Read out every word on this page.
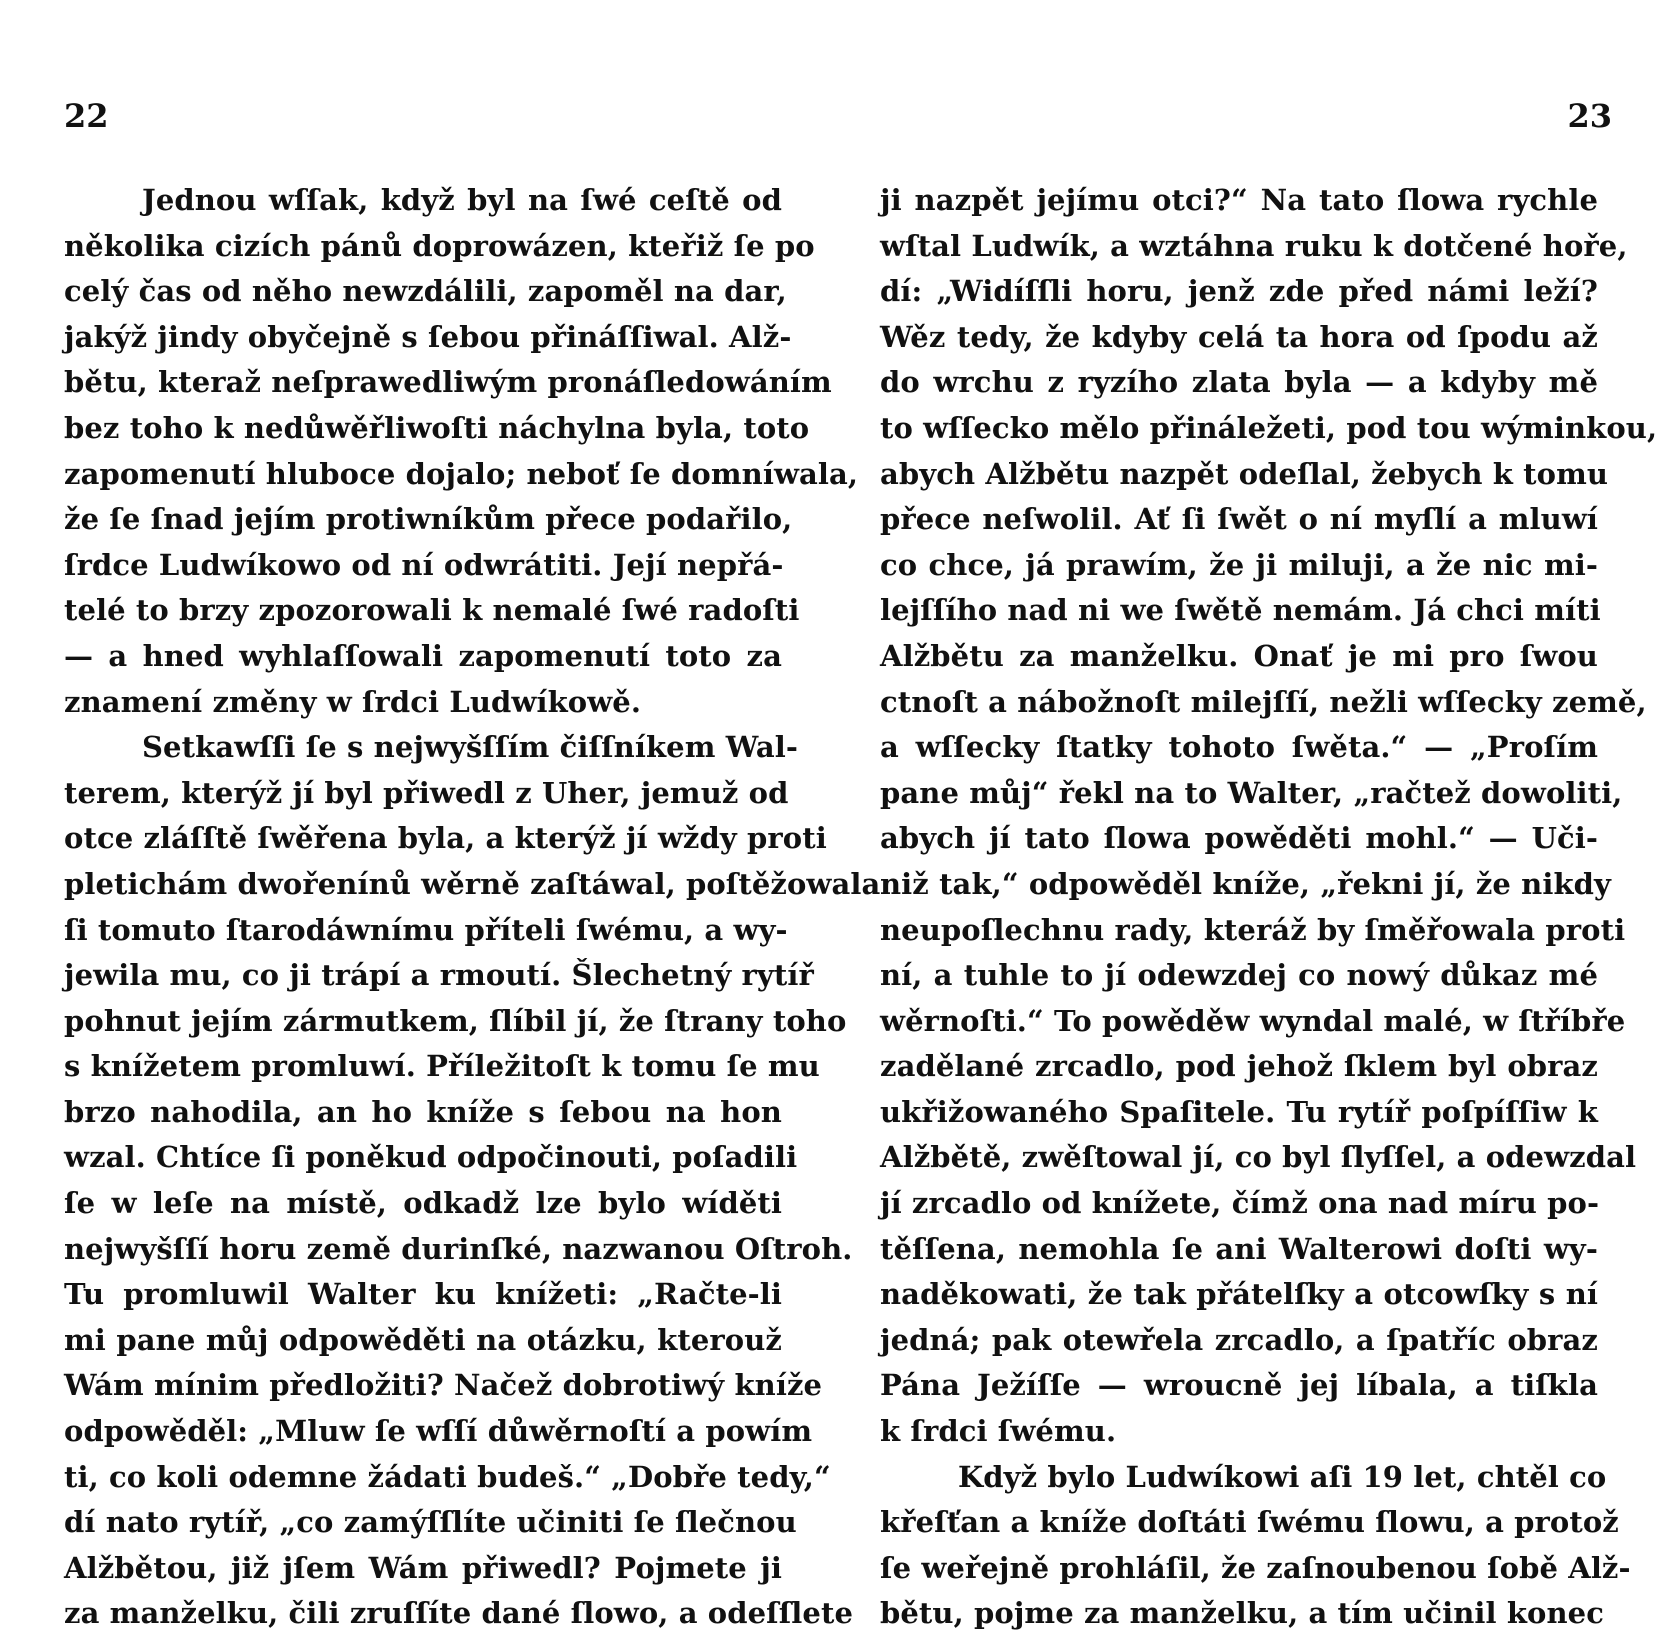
22
Jednou wſſak, když byl na ſwé ceſtě od
několika cizích pánů doprowázen, kteřiž ſe po
celý čas od něho newzdálili, zapoměl na dar,
jakýž jindy obyčejně s ſebou přináſſiwal. Alž-
bětu, kteraž neſprawedliwým pronáſledowáním
bez toho k nedůwěřliwoſti náchylna byla, toto
zapomenutí hluboce dojalo; neboť ſe domníwala,
že ſe ſnad jejím protiwníkům přece podařilo,
ſrdce Ludwíkowo od ní odwrátiti. Její nepřá-
telé to brzy zpozorowali k nemalé ſwé radoſti
— a hned wyhlaſſowali zapomenutí toto za
znamení změny w ſrdci Ludwíkowě.
Setkawſſi ſe s nejwyšſſím čiſſníkem Wal-
terem, kterýž jí byl přiwedl z Uher, jemuž od
otce zláſſtě ſwěřena byla, a kterýž jí wždy proti
pletichám dwořenínů wěrně zaſtáwal, poſtěžowala
ſi tomuto ſtarodáwnímu příteli ſwému, a wy-
jewila mu, co ji trápí a rmoutí. Šlechetný rytíř
pohnut jejím zármutkem, ſlíbil jí, že ſtrany toho
s knížetem promluwí. Příležitoſt k tomu ſe mu
brzo nahodila, an ho kníže s ſebou na hon
wzal. Chtíce ſi poněkud odpočinouti, poſadili
ſe w leſe na místě, odkadž lze bylo wíděti
nejwyšſſí horu země durinſké, nazwanou Oſtroh.
Tu promluwil Walter ku knížeti: „Račte-li
mi pane můj odpowěděti na otázku, kterouž
Wám mínim předložiti? Načež dobrotiwý kníže
odpowěděl: „Mluw ſe wſſí důwěrnoſtí a powím
ti, co koli odemne žádati budeš.“ „Dobře tedy,“
dí nato rytíř, „co zamýſſlíte učiniti ſe ſlečnou
Alžbětou, již jſem Wám přiwedl? Pojmete ji
za manželku, čili zruſſíte dané ſlowo, a odeſſlete
23
ji nazpět jejímu otci?“ Na tato ſlowa rychle
wſtal Ludwík, a wztáhna ruku k dotčené hoře,
dí: „Widíſſli horu, jenž zde před námi leží?
Wěz tedy, že kdyby celá ta hora od ſpodu až
do wrchu z ryzího zlata byla — a kdyby mě
to wſſecko mělo přináležeti, pod tou wýminkou,
abych Alžbětu nazpět odeſlal, žebych k tomu
přece neſwolil. Ať ſi ſwět o ní myſlí a mluwí
co chce, já prawím, že ji miluji, a že nic mi-
lejſſího nad ni we ſwětě nemám. Já chci míti
Alžbětu za manželku. Onať je mi pro ſwou
ctnoſt a nábožnoſt milejſſí, nežli wſſecky země,
a wſſecky ſtatky tohoto ſwěta.“ — „Proſím
pane můj“ řekl na to Walter, „račtež dowoliti,
abych jí tato ſlowa powěděti mohl.“ — Uči-
niž tak,“ odpowěděl kníže, „řekni jí, že nikdy
neupoſlechnu rady, kteráž by ſměřowala proti
ní, a tuhle to jí odewzdej co nowý důkaz mé
wěrnoſti.“ To powěděw wyndal malé, w ſtříbře
zadělané zrcadlo, pod jehož ſklem byl obraz
ukřižowaného Spaſitele. Tu rytíř poſpíſſiw k
Alžbětě, zwěſtowal jí, co byl ſlyſſel, a odewzdal
jí zrcadlo od knížete, čímž ona nad míru po-
těſſena, nemohla ſe ani Walterowi doſti wy-
naděkowati, že tak přátelſky a otcowſky s ní
jedná; pak otewřela zrcadlo, a ſpatříc obraz
Pána Ježíſſe — wroucně jej líbala, a tiſkla
k ſrdci ſwému.
Když bylo Ludwíkowi aſi 19 let, chtěl co
křeſťan a kníže doſtáti ſwému ſlowu, a protož
ſe weřejně prohláſil, že zaſnoubenou ſobě Alž-
bětu, pojme za manželku, a tím učinil konec
